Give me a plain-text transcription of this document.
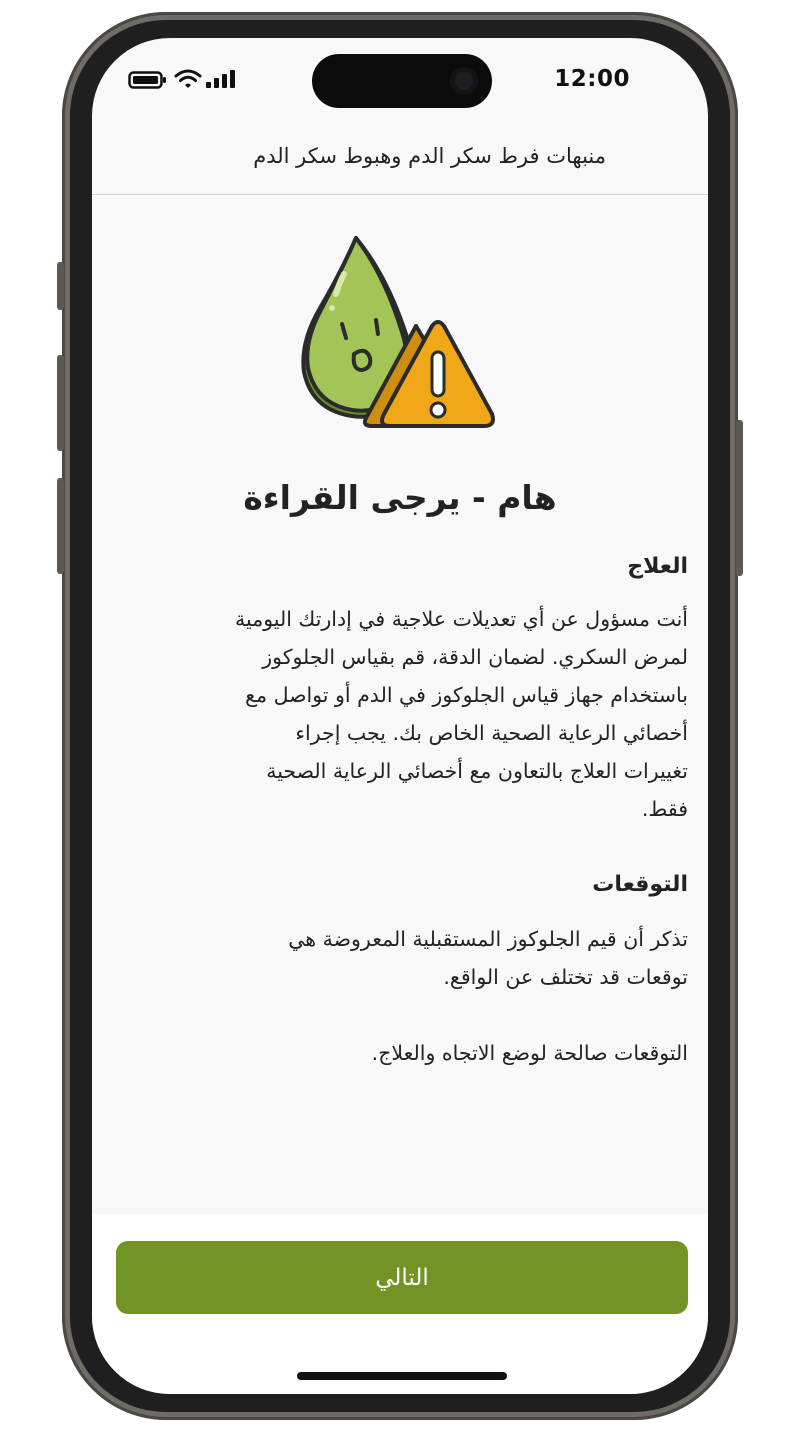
12:00
منبهات فرط سكر الدم وهبوط سكر الدم
هام - يرجى القراءة
العلاج
أنت مسؤول عن أي تعديلات علاجية في إدارتك اليومية
لمرض السكري. لضمان الدقة، قم بقياس الجلوكوز
باستخدام جهاز قياس الجلوكوز في الدم أو تواصل مع
أخصائي الرعاية الصحية الخاص بك. يجب إجراء
تغييرات العلاج بالتعاون مع أخصائي الرعاية الصحية
فقط.
التوقعات
تذكر أن قيم الجلوكوز المستقبلية المعروضة هي
توقعات قد تختلف عن الواقع.
التوقعات صالحة لوضع الاتجاه والعلاج.
التالي
